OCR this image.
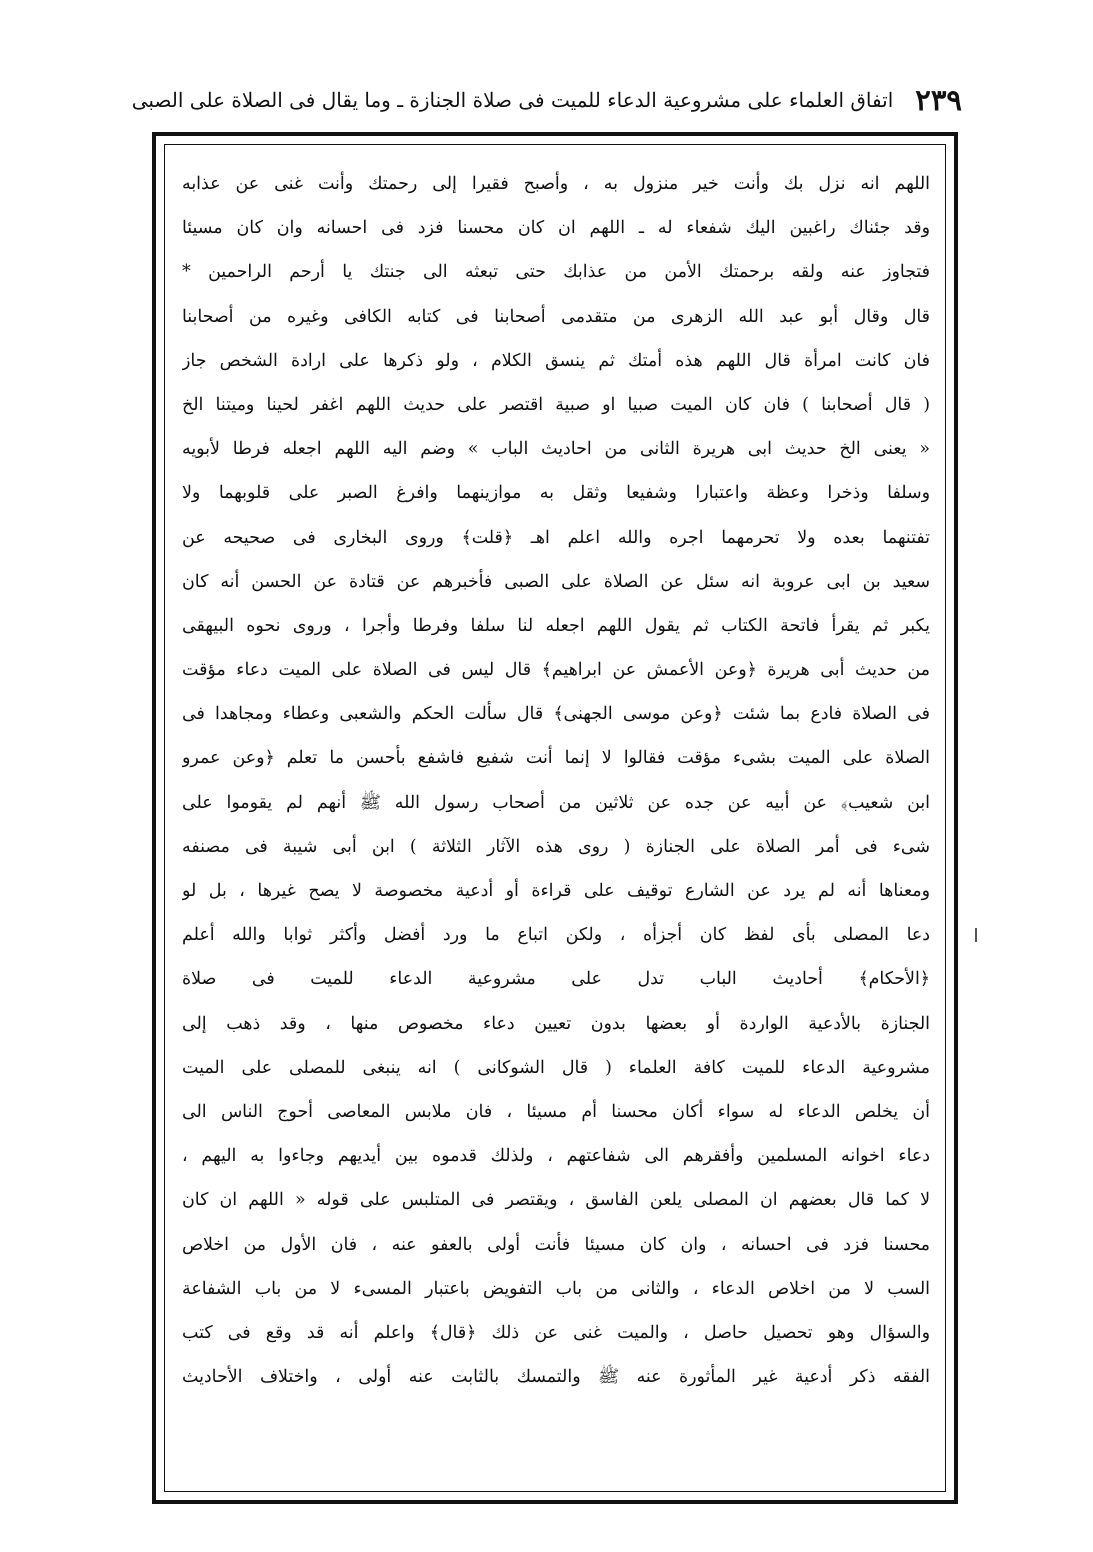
٢٣٩
اتفاق العلماء على مشروعية الدعاء للميت فى صلاة الجنازة ـ وما يقال فى الصلاة على الصبى
اللهم انه نزل بك وأنت خير منزول به ، وأصبح فقيرا إلى رحمتك وأنت غنى عن عذابه
وقد جئناك راغبين اليك شفعاء له ـ اللهم ان كان محسنا فزد فى احسانه وان كان مسيئا
فتجاوز عنه ولقه برحمتك الأمن من عذابك حتى تبعثه الى جنتك يا أرحم الراحمين *
قال وقال أبو عبد الله الزهرى من متقدمى أصحابنا فى كتابه الكافى وغيره من أصحابنا
فان كانت امرأة قال اللهم هذه أمتك ثم ينسق الكلام ، ولو ذكرها على ارادة الشخص جاز
( قال أصحابنا ) فان كان الميت صبيا او صبية اقتصر على حديث اللهم اغفر لحينا وميتنا الخ
« يعنى الخ حديث ابى هريرة الثانى من احاديث الباب » وضم اليه اللهم اجعله فرطا لأبويه
وسلفا وذخرا وعظة واعتبارا وشفيعا وثقل به موازينهما وافرغ الصبر على قلوبهما ولا
تفتنهما بعده ولا تحرمهما اجره والله اعلم اهـ ﴿قلت﴾ وروى البخارى فى صحيحه عن
سعيد بن ابى عروبة انه سئل عن الصلاة على الصبى فأخبرهم عن قتادة عن الحسن أنه كان
يكبر ثم يقرأ فاتحة الكتاب ثم يقول اللهم اجعله لنا سلفا وفرطا وأجرا ، وروى نحوه البيهقى
من حديث أبى هريرة ﴿وعن الأعمش عن ابراهيم﴾ قال ليس فى الصلاة على الميت دعاء مؤقت
فى الصلاة فادع بما شئت ﴿وعن موسى الجهنى﴾ قال سألت الحكم والشعبى وعطاء ومجاهدا فى
الصلاة على الميت بشىء مؤقت فقالوا لا إنما أنت شفيع فاشفع بأحسن ما تعلم ﴿وعن عمرو
ابن شعيب﴾ عن أبيه عن جده عن ثلاثين من أصحاب رسول الله ﷺ أنهم لم يقوموا على
شىء فى أمر الصلاة على الجنازة ( روى هذه الآثار الثلاثة ) ابن أبى شيبة فى مصنفه
ومعناها أنه لم يرد عن الشارع توقيف على قراءة أو أدعية مخصوصة لا يصح غيرها ، بل لو
دعا المصلى بأى لفظ كان أجزأه ، ولكن اتباع ما ورد أفضل وأكثر ثوابا والله أعلم
﴿الأحكام﴾ أحاديث الباب تدل على مشروعية الدعاء للميت فى صلاة
الجنازة بالأدعية الواردة أو بعضها بدون تعيين دعاء مخصوص منها ، وقد ذهب إلى
مشروعية الدعاء للميت كافة العلماء ( قال الشوكانى ) انه ينبغى للمصلى على الميت
أن يخلص الدعاء له سواء أكان محسنا أم مسيئا ، فان ملابس المعاصى أحوج الناس الى
دعاء اخوانه المسلمين وأفقرهم الى شفاعتهم ، ولذلك قدموه بين أيديهم وجاءوا به اليهم ،
لا كما قال بعضهم ان المصلى يلعن الفاسق ، ويقتصر فى المتلبس على قوله « اللهم ان كان
محسنا فزد فى احسانه ، وان كان مسيئا فأنت أولى بالعفو عنه ، فان الأول من اخلاص
السب لا من اخلاص الدعاء ، والثانى من باب التفويض باعتبار المسىء لا من باب الشفاعة
والسؤال وهو تحصيل حاصل ، والميت غنى عن ذلك ﴿قال﴾ واعلم أنه قد وقع فى كتب
الفقه ذكر أدعية غير المأثورة عنه ﷺ والتمسك بالثابت عنه أولى ، واختلاف الأحاديث
